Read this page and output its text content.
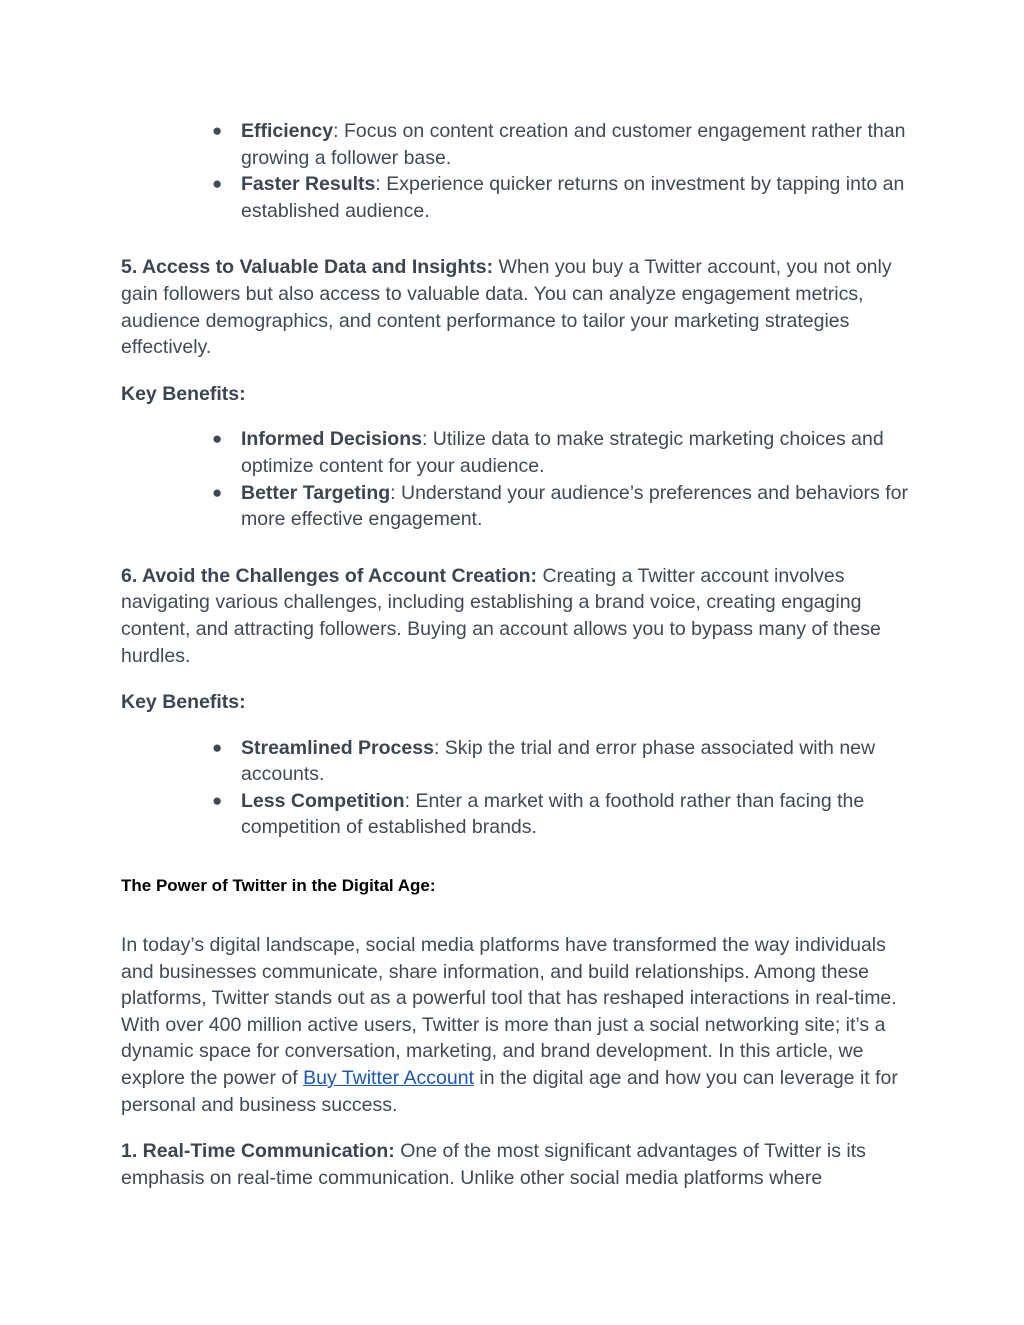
● Efficiency: Focus on content creation and customer engagement rather than growing a follower base.
● Faster Results: Experience quicker returns on investment by tapping into an established audience.

5. Access to Valuable Data and Insights: When you buy a Twitter account, you not only gain followers but also access to valuable data. You can analyze engagement metrics, audience demographics, and content performance to tailor your marketing strategies effectively.

Key Benefits:

● Informed Decisions: Utilize data to make strategic marketing choices and optimize content for your audience.
● Better Targeting: Understand your audience’s preferences and behaviors for more effective engagement.

6. Avoid the Challenges of Account Creation: Creating a Twitter account involves navigating various challenges, including establishing a brand voice, creating engaging content, and attracting followers. Buying an account allows you to bypass many of these hurdles.

Key Benefits:

● Streamlined Process: Skip the trial and error phase associated with new accounts.
● Less Competition: Enter a market with a foothold rather than facing the competition of established brands.

The Power of Twitter in the Digital Age:

In today’s digital landscape, social media platforms have transformed the way individuals and businesses communicate, share information, and build relationships. Among these platforms, Twitter stands out as a powerful tool that has reshaped interactions in real-time. With over 400 million active users, Twitter is more than just a social networking site; it’s a dynamic space for conversation, marketing, and brand development. In this article, we explore the power of Buy Twitter Account in the digital age and how you can leverage it for personal and business success.

1. Real-Time Communication: One of the most significant advantages of Twitter is its emphasis on real-time communication. Unlike other social media platforms where
